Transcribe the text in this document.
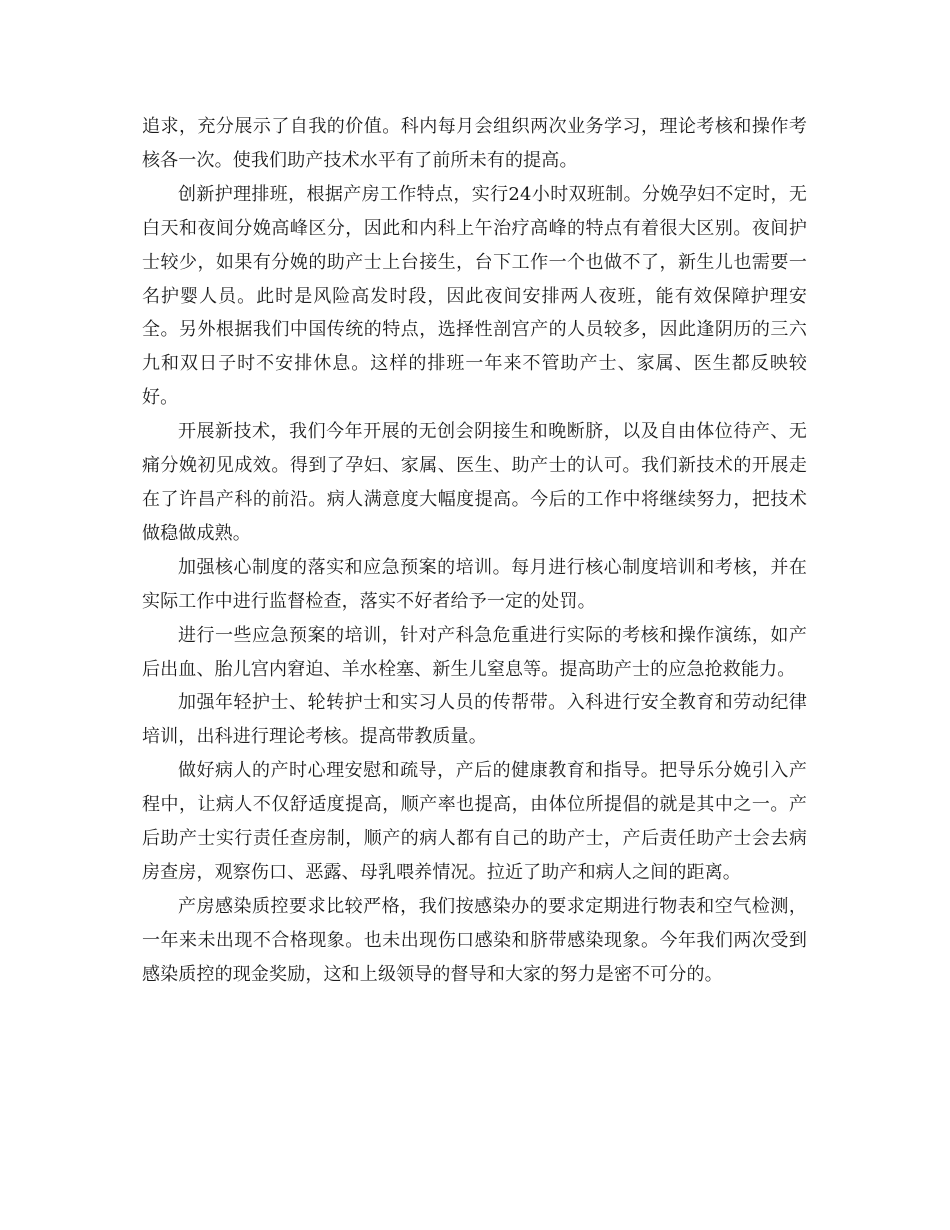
追求，充分展示了自我的价值。科内每月会组织两次业务学习，理论考核和操作考核各一次。使我们助产技术水平有了前所未有的提高。

创新护理排班，根据产房工作特点，实行24小时双班制。分娩孕妇不定时，无白天和夜间分娩高峰区分，因此和内科上午治疗高峰的特点有着很大区别。夜间护士较少，如果有分娩的助产士上台接生，台下工作一个也做不了，新生儿也需要一名护婴人员。此时是风险高发时段，因此夜间安排两人夜班，能有效保障护理安全。另外根据我们中国传统的特点，选择性剖宫产的人员较多，因此逢阴历的三六九和双日子时不安排休息。这样的排班一年来不管助产士、家属、医生都反映较好。

开展新技术，我们今年开展的无创会阴接生和晚断脐，以及自由体位待产、无痛分娩初见成效。得到了孕妇、家属、医生、助产士的认可。我们新技术的开展走在了许昌产科的前沿。病人满意度大幅度提高。今后的工作中将继续努力，把技术做稳做成熟。

加强核心制度的落实和应急预案的培训。每月进行核心制度培训和考核，并在实际工作中进行监督检查，落实不好者给予一定的处罚。

进行一些应急预案的培训，针对产科急危重进行实际的考核和操作演练，如产后出血、胎儿宫内窘迫、羊水栓塞、新生儿窒息等。提高助产士的应急抢救能力。

加强年轻护士、轮转护士和实习人员的传帮带。入科进行安全教育和劳动纪律培训，出科进行理论考核。提高带教质量。

做好病人的产时心理安慰和疏导，产后的健康教育和指导。把导乐分娩引入产程中，让病人不仅舒适度提高，顺产率也提高，由体位所提倡的就是其中之一。产后助产士实行责任查房制，顺产的病人都有自己的助产士，产后责任助产士会去病房查房，观察伤口、恶露、母乳喂养情况。拉近了助产和病人之间的距离。

产房感染质控要求比较严格，我们按感染办的要求定期进行物表和空气检测，一年来未出现不合格现象。也未出现伤口感染和脐带感染现象。今年我们两次受到感染质控的现金奖励，这和上级领导的督导和大家的努力是密不可分的。
